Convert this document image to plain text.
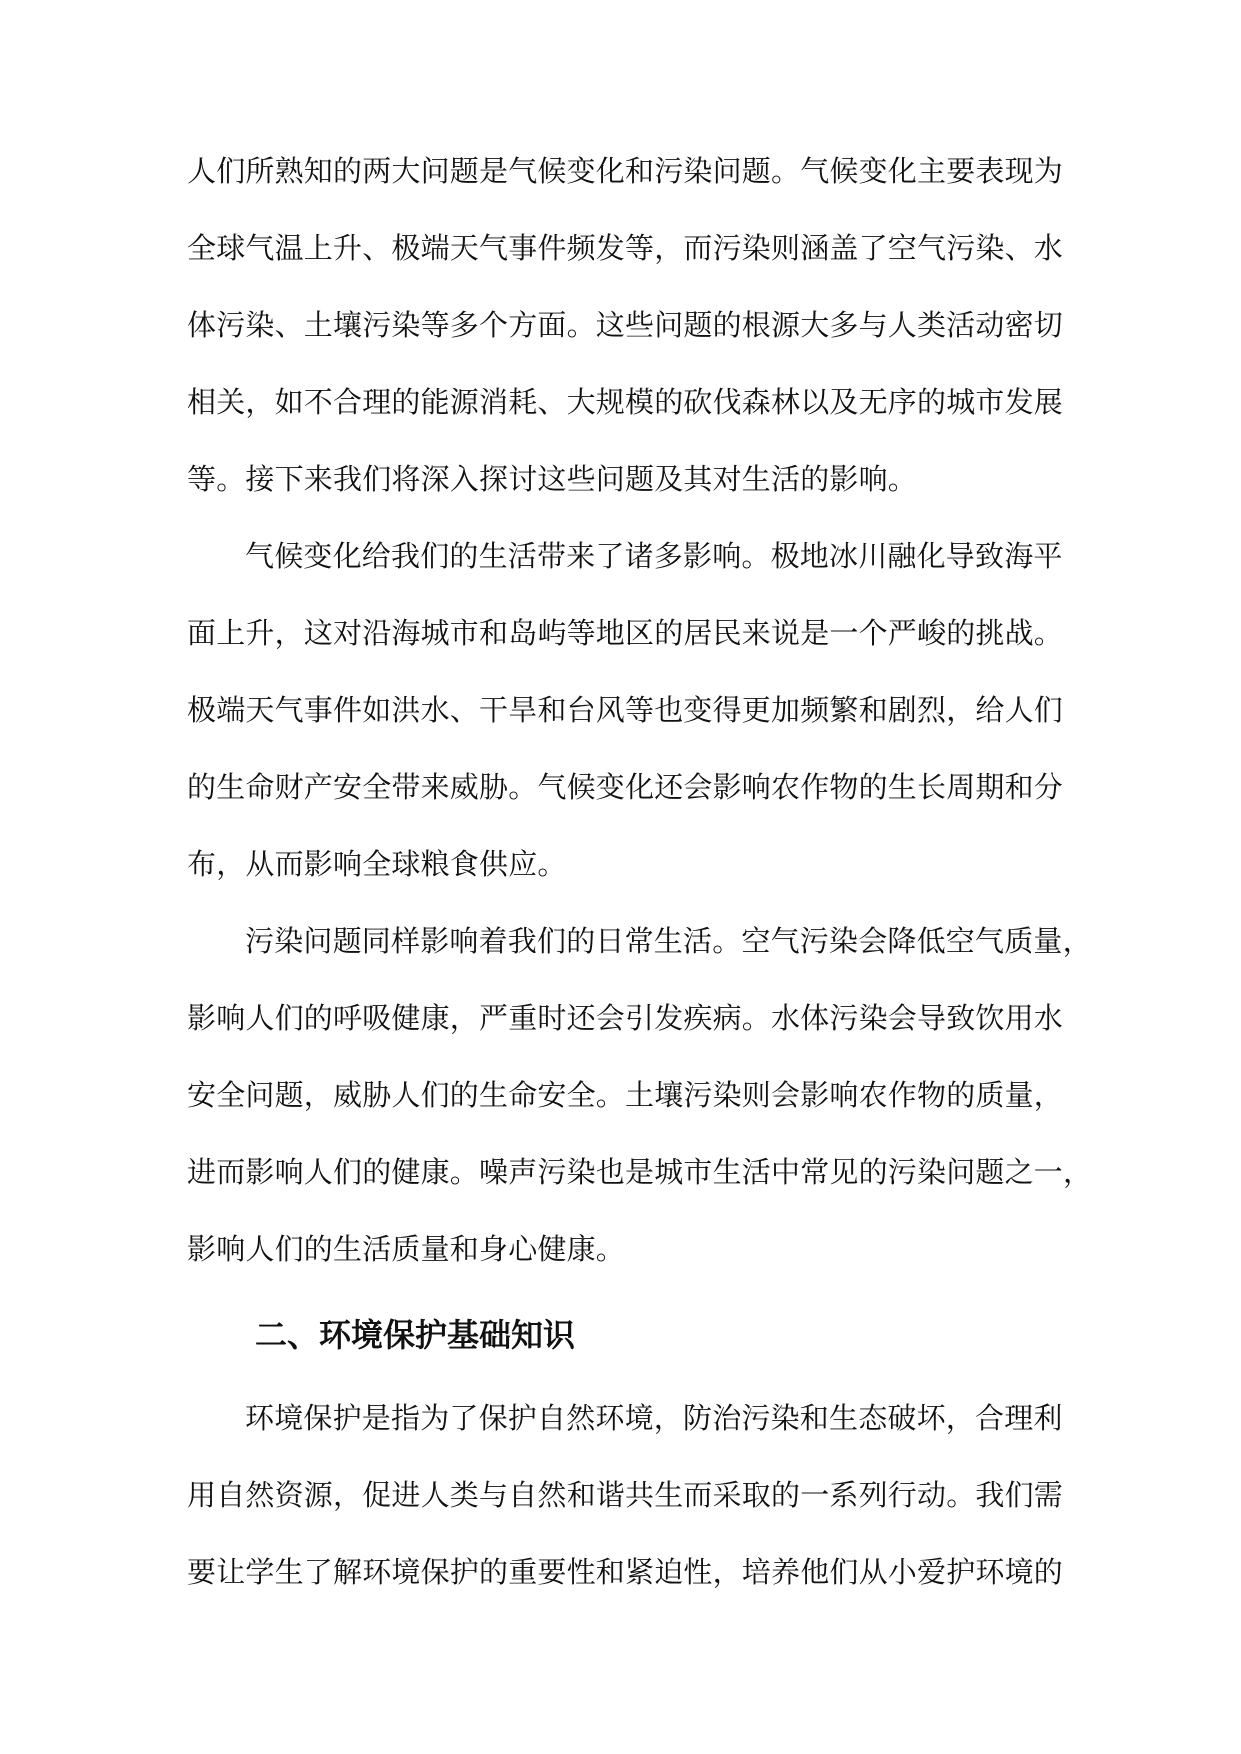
人们所熟知的两大问题是气候变化和污染问题。气候变化主要表现为
全球气温上升、极端天气事件频发等，而污染则涵盖了空气污染、水
体污染、土壤污染等多个方面。这些问题的根源大多与人类活动密切
相关，如不合理的能源消耗、大规模的砍伐森林以及无序的城市发展
等。接下来我们将深入探讨这些问题及其对生活的影响。
气候变化给我们的生活带来了诸多影响。极地冰川融化导致海平
面上升，这对沿海城市和岛屿等地区的居民来说是一个严峻的挑战。
极端天气事件如洪水、干旱和台风等也变得更加频繁和剧烈，给人们
的生命财产安全带来威胁。气候变化还会影响农作物的生长周期和分
布，从而影响全球粮食供应。
污染问题同样影响着我们的日常生活。空气污染会降低空气质量，
影响人们的呼吸健康，严重时还会引发疾病。水体污染会导致饮用水
安全问题，威胁人们的生命安全。土壤污染则会影响农作物的质量，
进而影响人们的健康。噪声污染也是城市生活中常见的污染问题之一，
影响人们的生活质量和身心健康。
二、环境保护基础知识
环境保护是指为了保护自然环境，防治污染和生态破坏，合理利
用自然资源，促进人类与自然和谐共生而采取的一系列行动。我们需
要让学生了解环境保护的重要性和紧迫性，培养他们从小爱护环境的
